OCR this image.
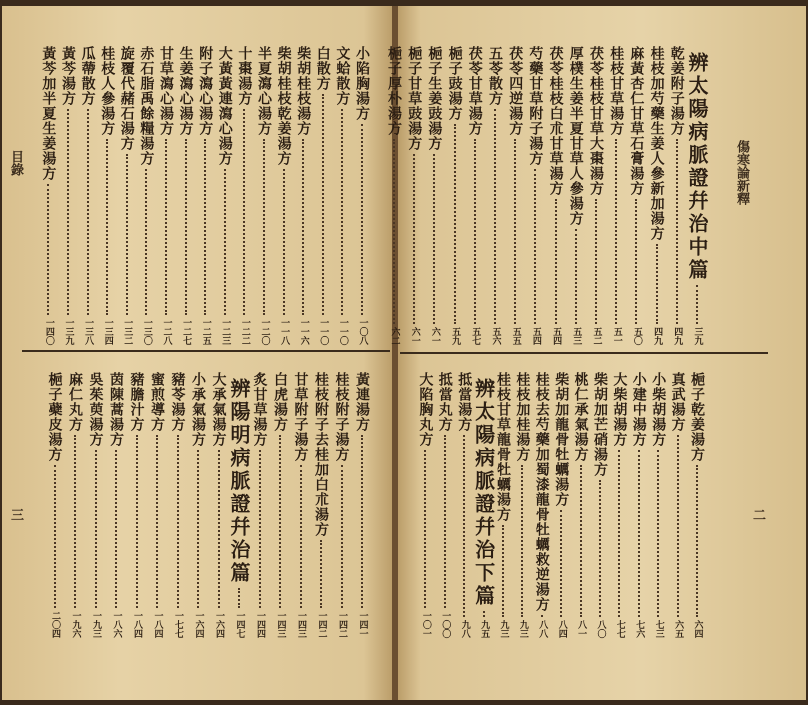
傷寒論新釋
目錄
三	二
辨太陽病脈證幷治中篇
三九
乾姜附子湯方
四九
桂枝加芍藥生姜人參新加湯方
四九
麻黃杏仁甘草石膏湯方
五〇
桂枝甘草湯方
五一
茯苓桂枝甘草大棗湯方
五二
厚樸生姜半夏甘草人參湯方
五三
茯苓桂枝白朮甘草湯方
五四
芍藥甘草附子湯方
五四
茯苓四逆湯方
五五
五苓散方
五六
茯苓甘草湯方
五七
梔子豉湯方
五九
梔子生姜豉湯方
六一
梔子甘草豉湯方
六一
梔子厚朴湯方
六二
梔子乾姜湯方
六四
真武湯方
六五
小柴胡湯方
七三
小建中湯方
七六
大柴胡湯方
七七
柴胡加芒硝湯方
八〇
桃仁承氣湯方
八一
柴胡加龍骨牡蠣湯方
八四
桂枝去芍藥加蜀漆龍骨牡蠣救逆湯方
八八
桂枝加桂湯方
九三
桂枝甘草龍骨牡蠣湯方
九三
辨太陽病脈證幷治下篇
九五
抵當湯方
九八
抵當丸方
一〇〇
大陷胸丸方
一〇一
小陷胸湯方
一〇八
文蛤散方
一一〇
白散方
一一〇
柴胡桂枝湯方
一一六
柴胡桂枝乾姜湯方
一一八
半夏瀉心湯方
一二〇
十棗湯方
一二二
大黃黃連瀉心湯方
一二三
附子瀉心湯方
一二五
生姜瀉心湯方
一二七
甘草瀉心湯方
一二八
赤石脂禹餘糧湯方
一三〇
旋覆代赭石湯方
一三二
桂枝人參湯方
一三四
瓜蔕散方
一三八
黃芩湯方
一三九
黃芩加半夏生姜湯方
一四〇
黃連湯方
一四一
桂枝附子湯方
一四二
桂枝附子去桂加白朮湯方
一四二
甘草附子湯方
一四三
白虎湯方
一四三
炙甘草湯方
一四四
辨陽明病脈證幷治篇
一四七
大承氣湯方
一六四
小承氣湯方
一六四
豬苓湯方
一七七
蜜煎導方
一八四
豬膽汁方
一八四
茵陳蒿湯方
一八六
吳茱萸湯方
一九三
麻仁丸方
一九六
梔子蘗皮湯方
二〇四
